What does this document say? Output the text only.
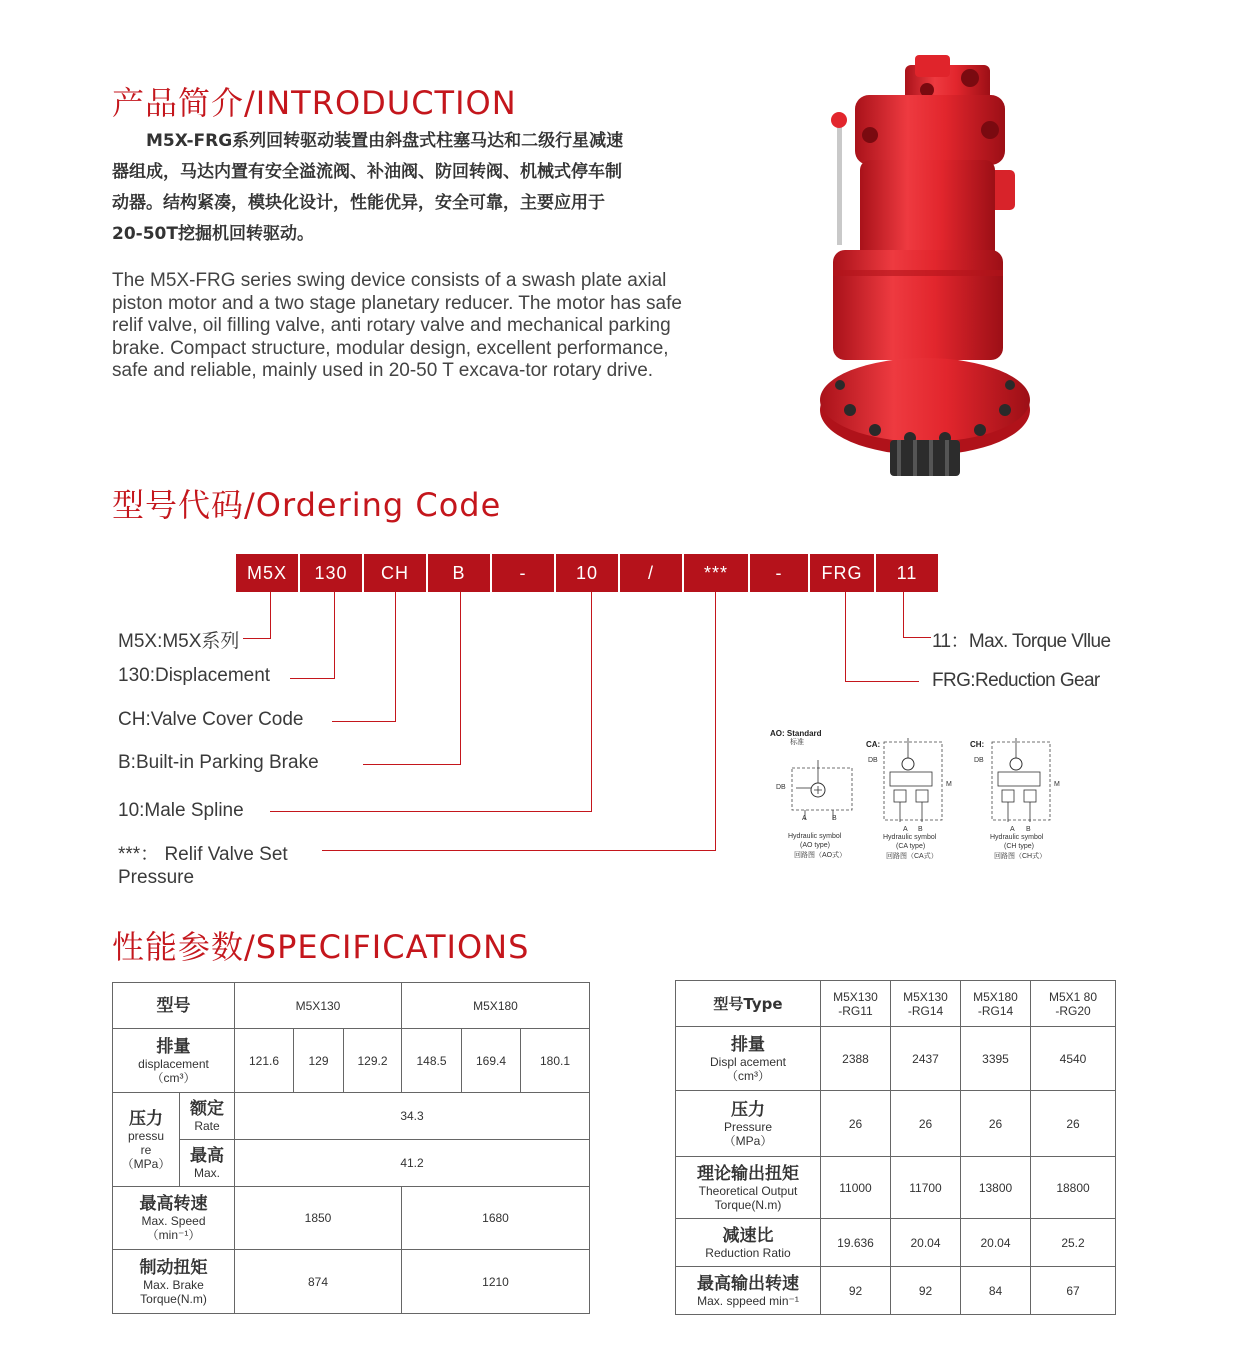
产品简介/INTRODUCTION

　　M5X-FRG系列回转驱动装置由斜盘式柱塞马达和二级行星减速

器组成，马达内置有安全溢流阀、补油阀、防回转阀、机械式停车制

动器。结构紧凑，模块化设计，性能优异，安全可靠，主要应用于

20-50T挖掘机回转驱动。

The M5X-FRG series swing device consists of a swash plate axial piston motor and a two stage planetary reducer. The motor has safe relif valve, oil filling valve, anti rotary valve and mechanical parking brake. Compact structure, modular design, excellent performance, safe and reliable, mainly used in 20-50 T excava-tor rotary drive.

型号代码/Ordering Code
M5X	130	CH	B	-	10	/	***	-	FRG	11
M5X:M5X系列
130:Displacement
CH:Valve Cover Code
B:Built-in Parking Brake
10:Male Spline
***： Relif Valve Set
Pressure
11：Max. Torque Vllue
FRG:Reduction Gear
AO: Standard
标准
DB
A	B
Hydraulic symbol
(AO type)
回路图（AO式）
CA:
DB
M
A B
Hydraulic symbol
(CA type)
回路图（CA式）
CH:
DB
M
A B
Hydraulic symbol
(CH type)
回路图（CH式）
性能参数/SPECIFICATIONS
型号		M5X130			M5X180		

排量
displacement
（cm³）		121.6	129	129.2	148.5	169.4	180.1

压力
pressu
re
（MPa）	额定
Rate	34.3					

	最高
Max.	41.2					

最高转速
Max. Speed
（min⁻¹）		1850			1680		

制动扭矩
Max. Brake
Torque(N.m)		874			1210		
型号Type	M5X130
-RG11	M5X130
-RG14	M5X180
-RG14	M5X1 80
-RG20

排量
Displ acement
（cm³）	2388	2437	3395	4540

压力
Pressure
（MPa）	26	26	26	26

理论输出扭矩
Theoretical Output
Torque(N.m)	11000	11700	13800	18800

减速比
Reduction Ratio	19.636	20.04	20.04	25.2

最高输出转速
Max. sppeed min⁻¹	92	92	84	67
